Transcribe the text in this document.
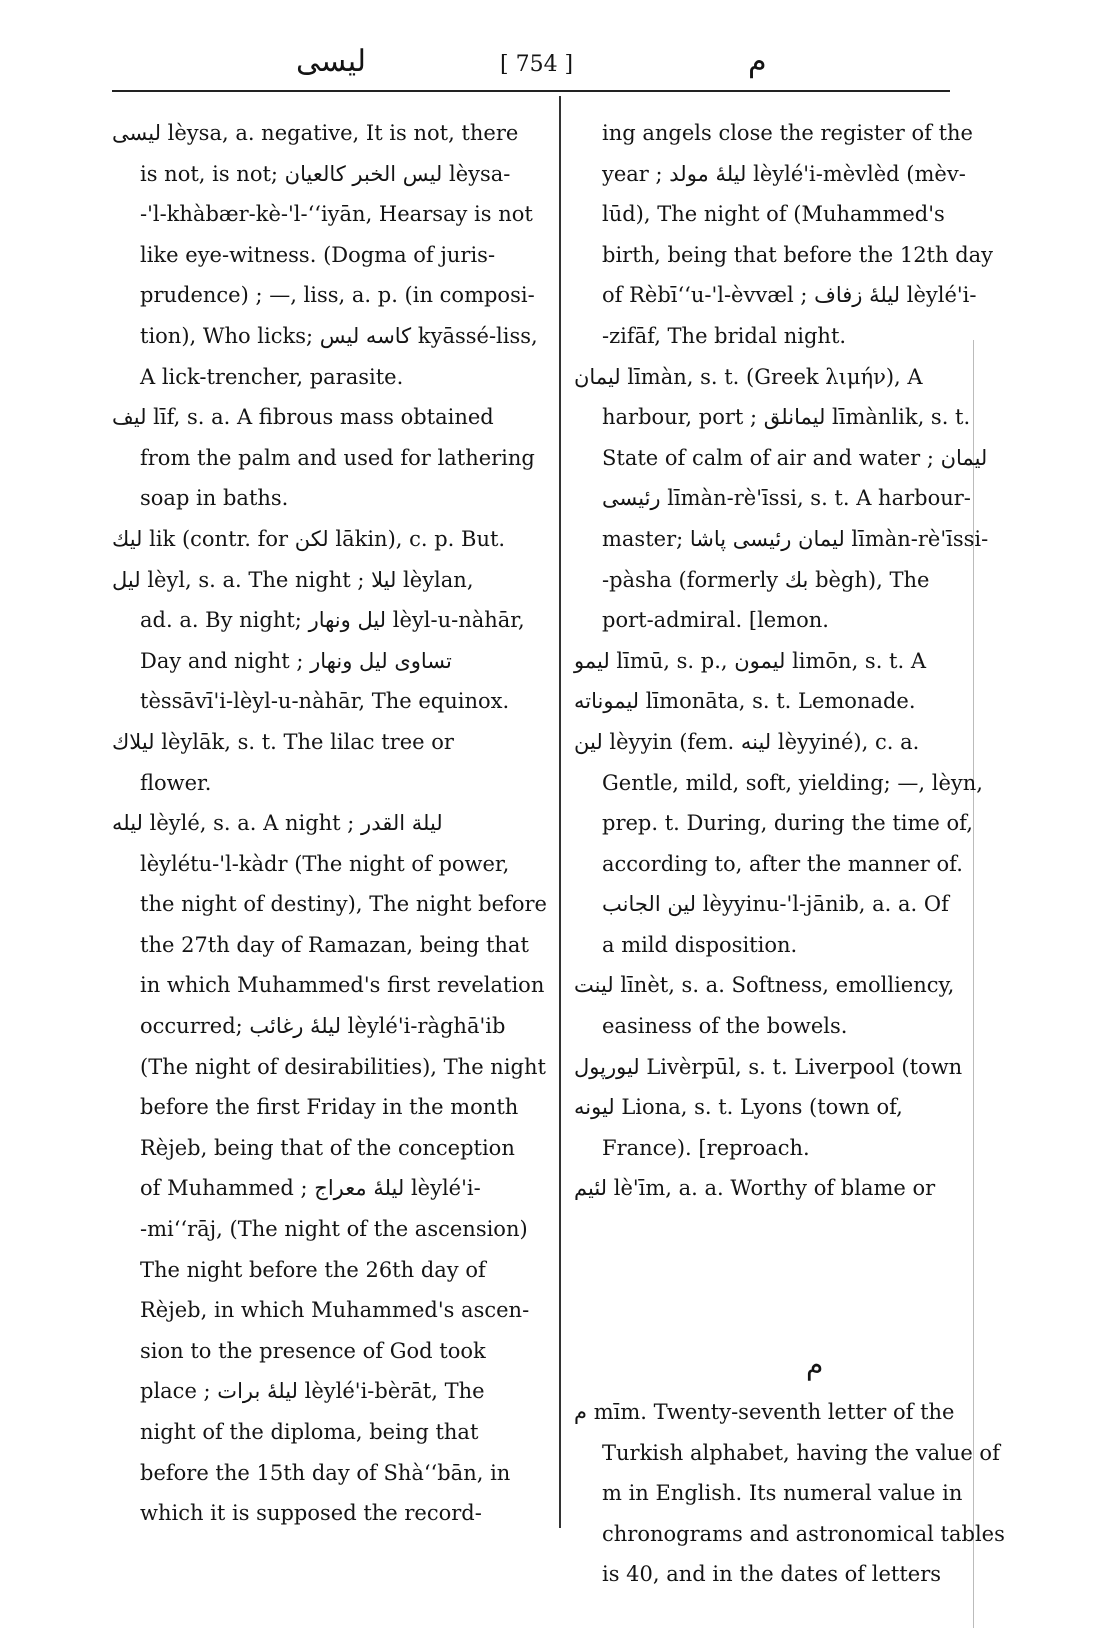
ليسى	[ 754 ]	م
ليسى lèysa, a. negative, It is not, there
is not, is not; ليس الخبر كالعيان lèysa-
-'l-khàbær-kè-'l-‘‘iyān, Hearsay is not
like eye-witness. (Dogma of juris-
prudence) ; —, liss, a. p. (in composi-
tion), Who licks; كاسه ليس kyāssé-liss,
A lick-trencher, parasite.
ليف līf, s. a. A fibrous mass obtained
from the palm and used for lathering
soap in baths.
ليك lik (contr. for لكن lākin), c. p. But.
ليل lèyl, s. a. The night ; ليلا lèylan,
ad. a. By night; ليل ونهار lèyl-u-nàhār,
Day and night ; تساوى ليل ونهار
tèssāvī'i-lèyl-u-nàhār, The equinox.
ليلاك lèylāk, s. t. The lilac tree or
flower.
ليله lèylé, s. a. A night ; ليلة القدر
lèylétu-'l-kàdr (The night of power,
the night of destiny), The night before
the 27th day of Ramazan, being that
in which Muhammed's first revelation
occurred; ليلهٔ رغائب lèylé'i-ràghā'ib
(The night of desirabilities), The night
before the first Friday in the month
Rèjeb, being that of the conception
of Muhammed ; ليلهٔ معراج lèylé'i-
-mi‘‘rāj, (The night of the ascension)
The night before the 26th day of
Rèjeb, in which Muhammed's ascen-
sion to the presence of God took
place ; ليلهٔ برات lèylé'i-bèrāt, The
night of the diploma, being that
before the 15th day of Shà‘‘bān, in
which it is supposed the record-
ing angels close the register of the
year ; ليلهٔ مولد lèylé'i-mèvlèd (mèv-
lūd), The night of (Muhammed's
birth, being that before the 12th day
of Rèbī‘‘u-'l-èvvæl ; ليلهٔ زفاف lèylé'i-
-zifāf, The bridal night.
ليمان līmàn, s. t. (Greek λιμήν), A
harbour, port ; ليمانلق līmànlik, s. t.
State of calm of air and water ; ليمان
رئيسى līmàn-rè'īssi, s. t. A harbour-
master; ليمان رئيسى پاشا līmàn-rè'īssi-
-pàsha (formerly بك bègh), The
port-admiral. [lemon.
ليمو līmū, s. p., ليمون limōn, s. t. A
ليموناته līmonāta, s. t. Lemonade.
لين lèyyin (fem. لينه lèyyiné), c. a.
Gentle, mild, soft, yielding; —, lèyn,
prep. t. During, during the time of,
according to, after the manner of.
لين الجانب lèyyinu-'l-jānib, a. a. Of
a mild disposition.
لينت līnèt, s. a. Softness, emolliency,
easiness of the bowels.
ليورپول Livèrpūl, s. t. Liverpool (town
ليونه Liona, s. t. Lyons (town of,
France). [reproach.
لئيم lè'īm, a. a. Worthy of blame or
م
م mīm. Twenty-seventh letter of the
Turkish alphabet, having the value of
m in English. Its numeral value in
chronograms and astronomical tables
is 40, and in the dates of letters
